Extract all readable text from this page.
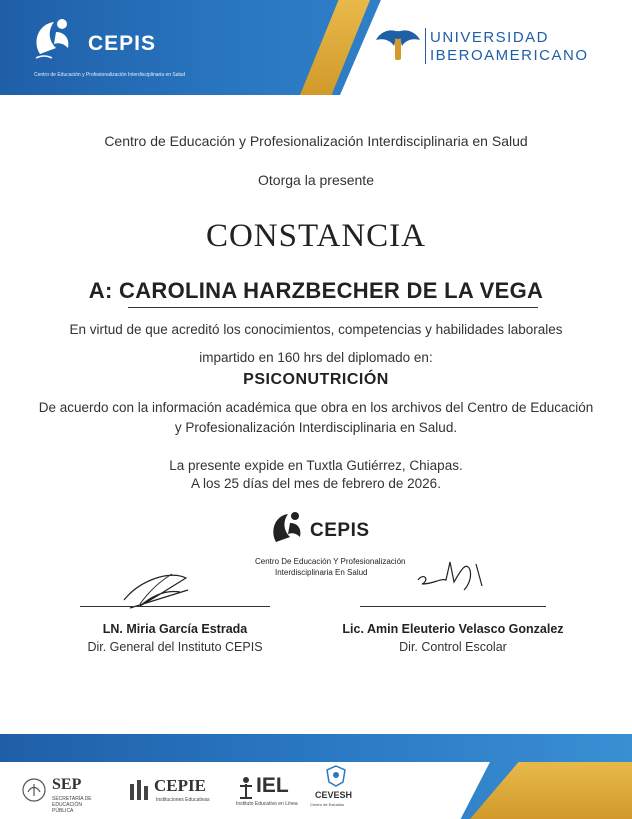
CEPIS
Centro de Educación y Profesionalización Interdisciplinaria en Salud
UNIVERSIDAD
IBEROAMERICANO
Centro de Educación y Profesionalización Interdisciplinaria en Salud
Otorga la presente
CONSTANCIA
A: CAROLINA HARZBECHER DE LA VEGA
En virtud de que acreditó los conocimientos, competencias y habilidades laborales
impartido en 160 hrs del diplomado en:
PSICONUTRICIÓN
De acuerdo con la información académica que obra en los archivos del Centro de Educación
y Profesionalización Interdisciplinaria en Salud.
La presente expide en Tuxtla Gutiérrez, Chiapas.
A los 25 días del mes de febrero de 2026.
CEPIS
Centro De Educación Y Profesionalización
Interdisciplinaria En Salud
LN. Miria García Estrada
Dir. General del Instituto CEPIS
Lic. Amin Eleuterio Velasco Gonzalez
Dir. Control Escolar
SEP
SECRETARÍA DE EDUCACIÓN PÚBLICA
CEPIE
Instituciones Educativas
IEL
Instituto Educativo en Línea
CEVESH
Centro de Estudios
